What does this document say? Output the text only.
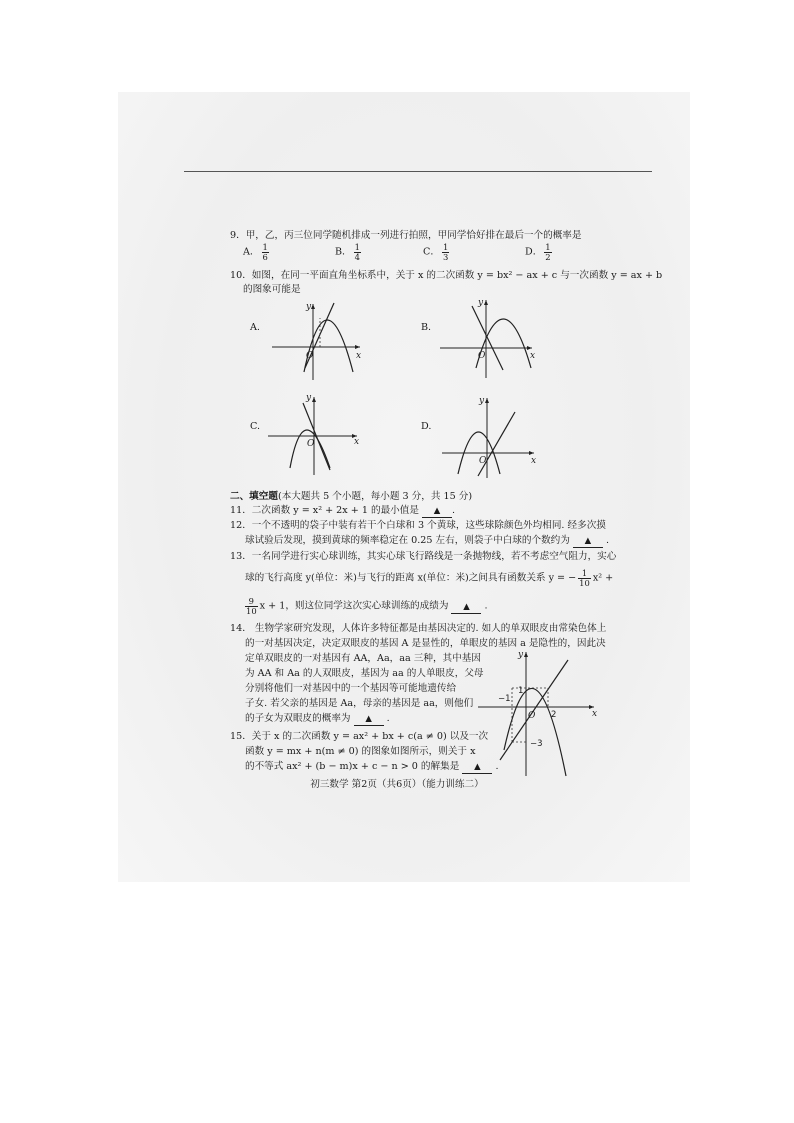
9．甲，乙，丙三位同学随机排成一列进行拍照，甲同学恰好排在最后一个的概率是
A． $\frac{1}{6}$	B． $\frac{1}{4}$	C． $\frac{1}{3}$	D． $\frac{1}{2}$
10．如图，在同一平面直角坐标系中，关于 x 的二次函数 y = bx² − ax + c 与一次函数 y = ax + b
的图象可能是
A.
x
y
O
B.
x
y
O
C.
x
y
O
D.
x
y
O
二、填空题(本大题共 5 个小题，每小题 3 分，共 15 分)
11．二次函数 y = x² + 2x + 1 的最小值是 ▲ .
12．一个不透明的袋子中装有若干个白球和 3 个黄球，这些球除颜色外均相同. 经多次摸
球试验后发现，摸到黄球的频率稳定在 0.25 左右，则袋子中白球的个数约为 ▲ .
13．一名同学进行实心球训练，其实心球飞行路线是一条抛物线，若不考虑空气阻力，实心
球的飞行高度 y(单位：米)与飞行的距离 x(单位：米)之间具有函数关系 y = − $\frac{1}{10} x^2$ +
$\frac{9}{10}$ x + 1，则这位同学这次实心球训练的成绩为 ▲ .
14． 生物学家研究发现，人体许多特征都是由基因决定的. 如人的单双眼皮由常染色体上
的一对基因决定，决定双眼皮的基因 A 是显性的，单眼皮的基因 a 是隐性的，因此决
定单双眼皮的一对基因有 AA，Aa，aa 三种，其中基因
为 AA 和 Aa 的人双眼皮，基因为 aa 的人单眼皮，父母
分别将他们一对基因中的一个基因等可能地遗传给
子女. 若父亲的基因是 Aa，母亲的基因是 aa，则他们
的子女为双眼皮的概率为 ▲ .
15．关于 x 的二次函数 y = ax² + bx + c(a ≠ 0) 以及一次
函数 y = mx + n(m ≠ 0) 的图象如图所示，则关于 x
的不等式 ax² + (b − m)x + c − n > 0 的解集是 ▲ .
x
y
O
−1
1
2
−3
初三数学 第2页（共6页）（能力训练二）
